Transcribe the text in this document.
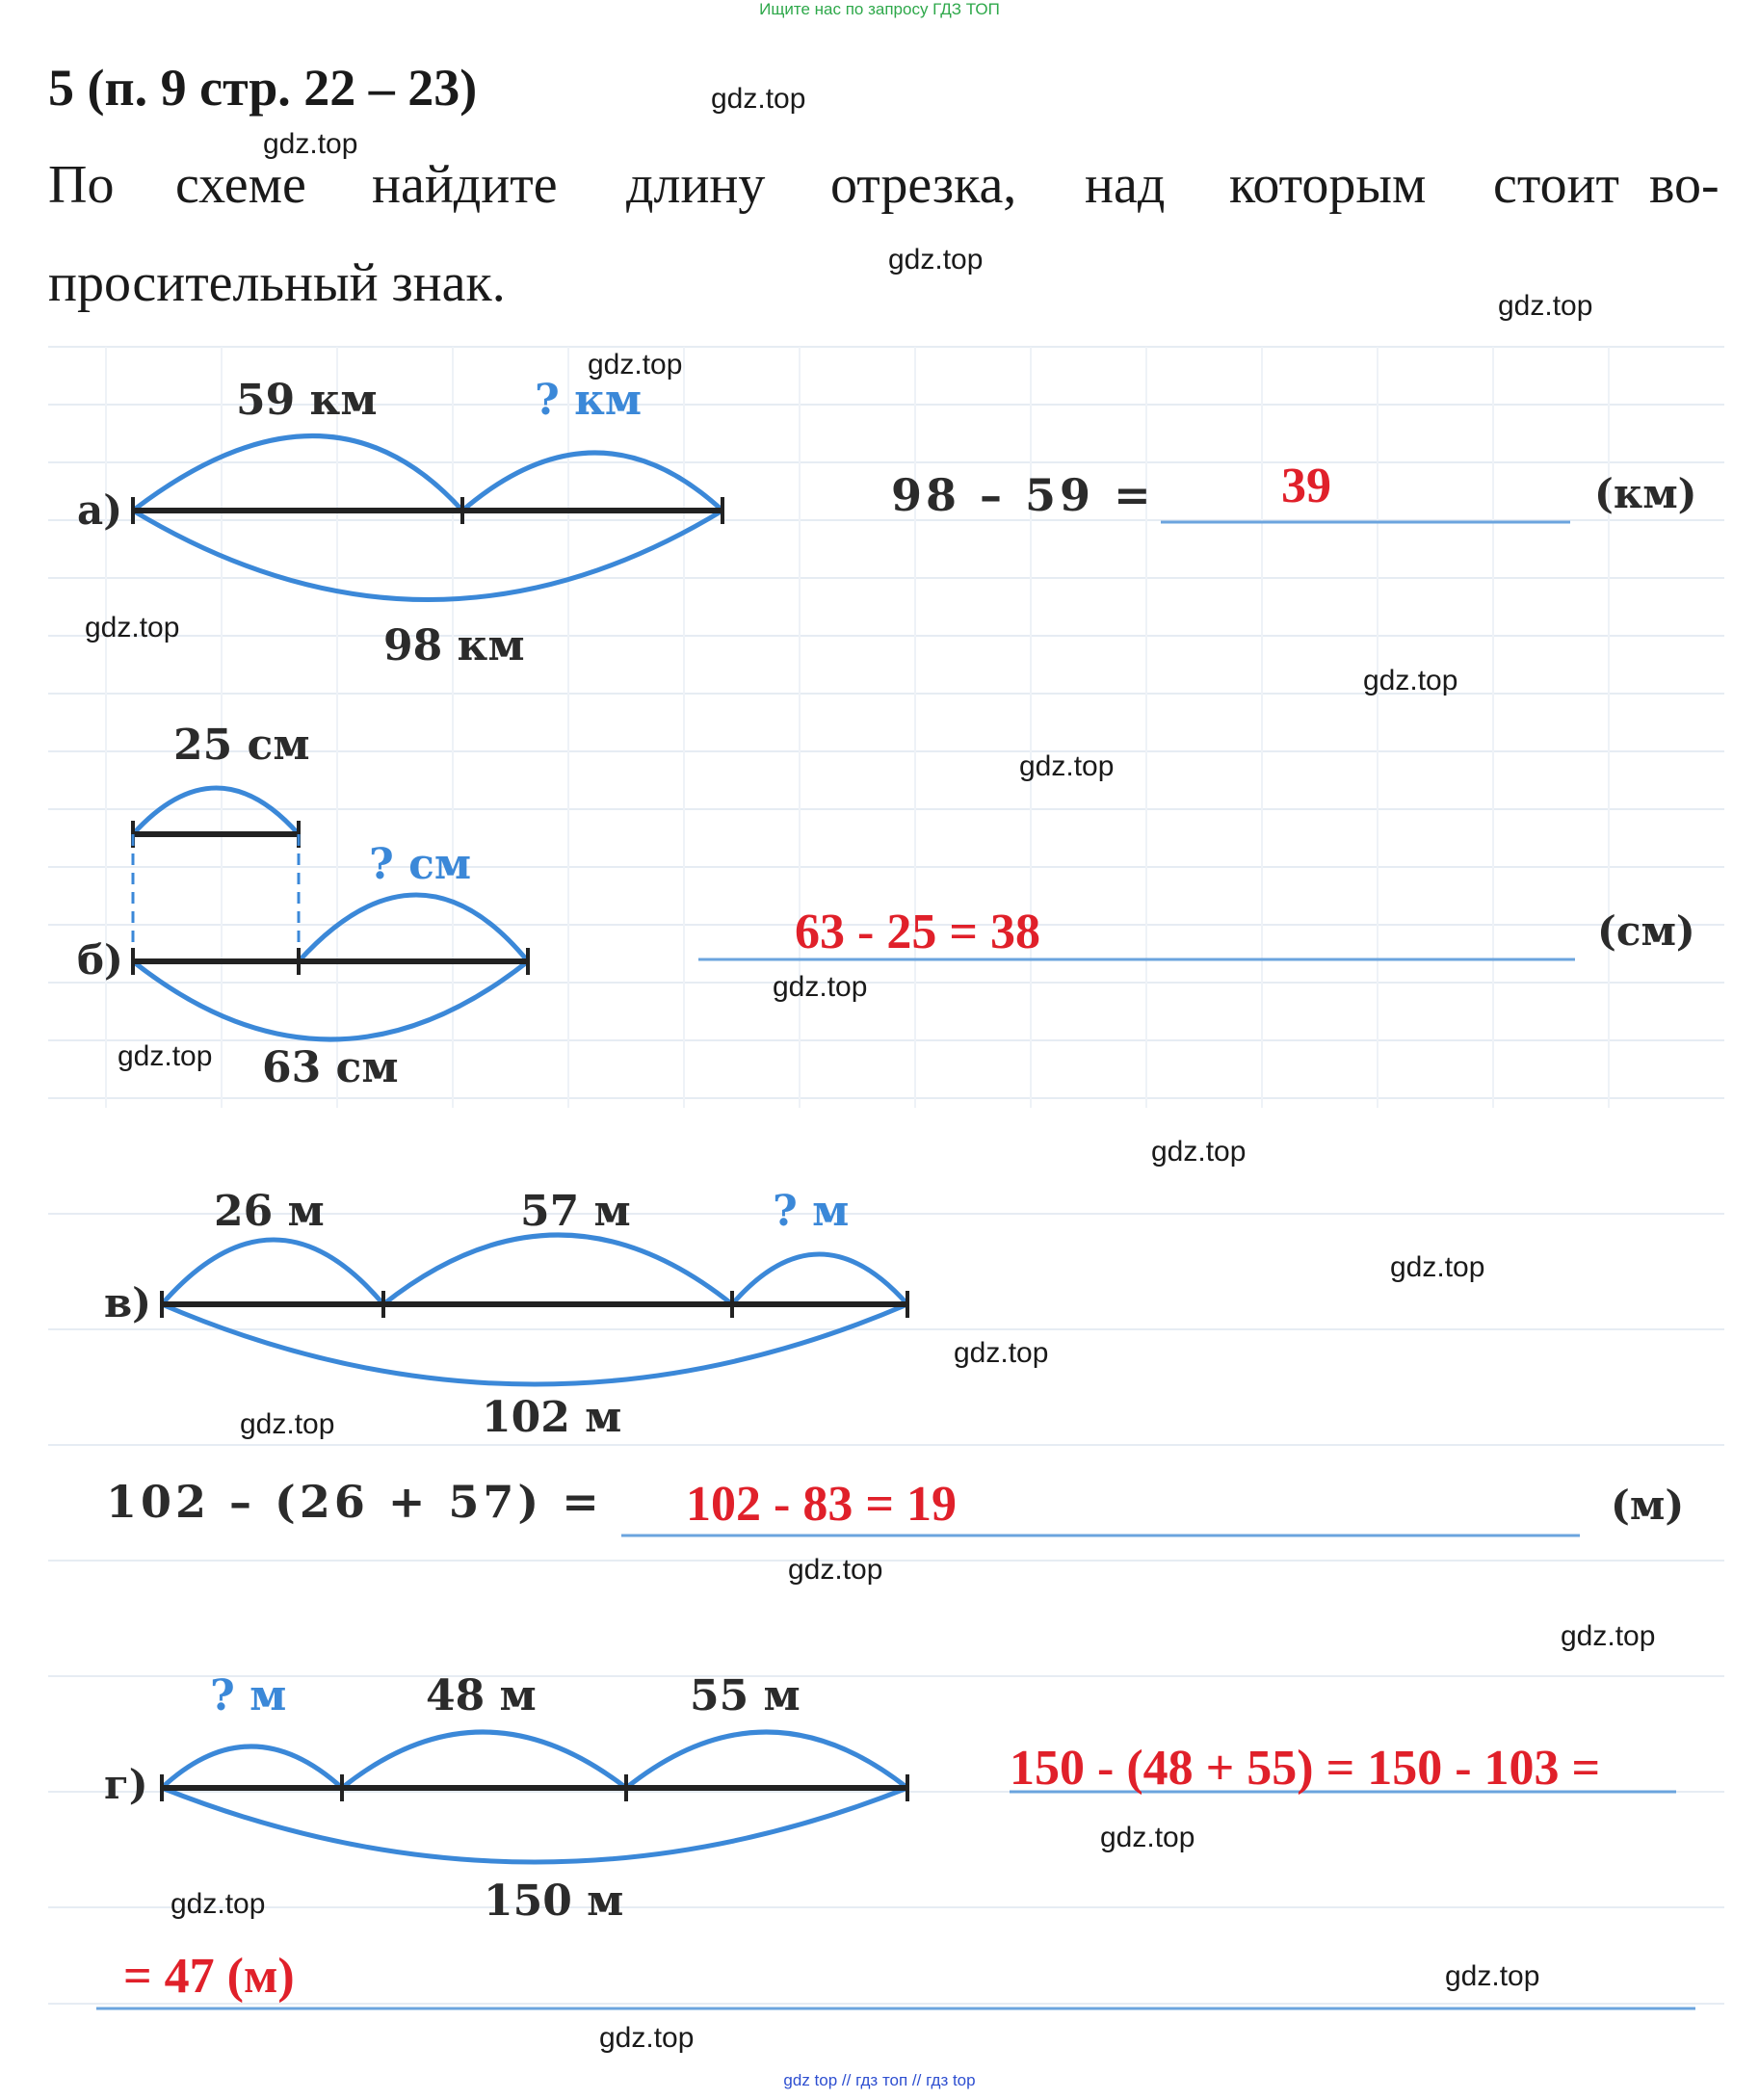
Ищите нас по запросу ГДЗ ТОП
5 (п. 9 стр. 22 – 23)
По схеме найдите длину отрезка, над которым стоит во-
просительный знак.
а)
59 км	? км
98 км
98 – 59 =	39	(км)
б)
25 см
? см
63 см
63 - 25 = 38	(см)
в)
26 м	57 м	? м
102 м
102 – (26 + 57) = 102 - 83 = 19	(м)
г)
? м	48 м	55 м
150 м
150 - (48 + 55) = 150 - 103 =
= 47 (м)
gdz.top
gdz.top
gdz.top
gdz.top
gdz.top
gdz.top
gdz.top
gdz.top
gdz.top
gdz.top
gdz.top
gdz.top
gdz.top
gdz.top
gdz.top
gdz.top
gdz.top
gdz.top
gdz.top
gdz.top
gdz top // гдз топ // гдз top
